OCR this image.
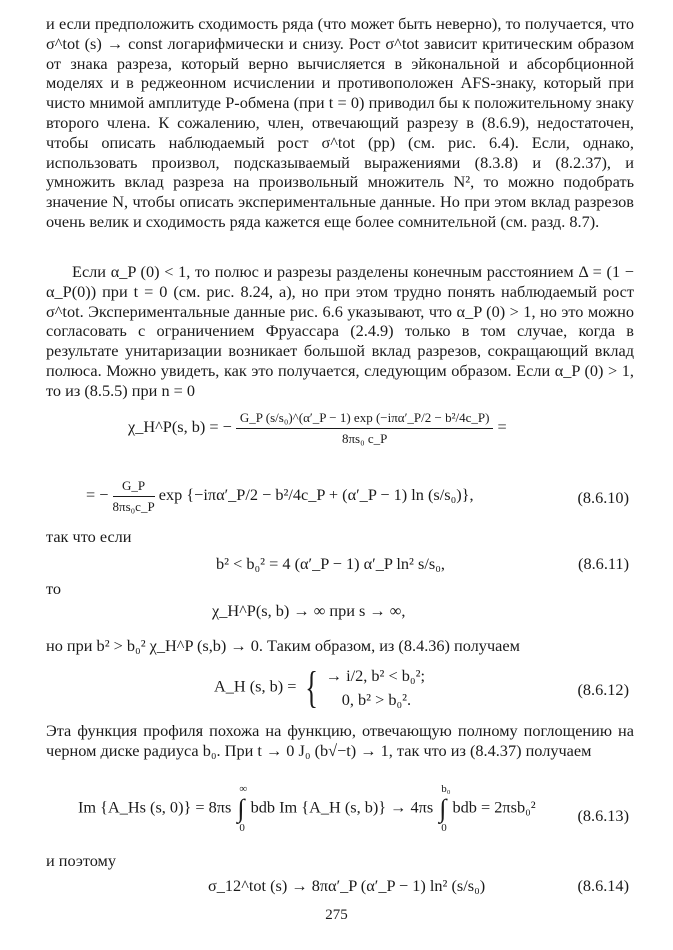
и если предположить сходимость ряда (что может быть неверно), то получается, что σ^tot (s) → const логарифмически и снизу. Рост σ^tot зависит критическим образом от знака разреза, который верно вычисляется в эйкональной и абсорбционной моделях и в реджеонном исчислении и противоположен AFS-знаку, который при чисто мнимой амплитуде P-обмена (при t = 0) приводил бы к положительному знаку второго члена. К сожалению, член, отвечающий разрезу в (8.6.9), недостаточен, чтобы описать наблюдаемый рост σ^tot (pp) (см. рис. 6.4). Если, однако, использовать произвол, подсказываемый выражениями (8.3.8) и (8.2.37), и умножить вклад разреза на произвольный множитель N², то можно подобрать значение N, чтобы описать экспериментальные данные. Но при этом вклад разрезов очень велик и сходимость ряда кажется еще более сомнительной (см. разд. 8.7).

Если α_P (0) < 1, то полюс и разрезы разделены конечным расстоянием Δ = (1 − α_P(0)) при t = 0 (см. рис. 8.24, а), но при этом трудно понять наблюдаемый рост σ^tot. Экспериментальные данные рис. 6.6 указывают, что α_P (0) > 1, но это можно согласовать с ограничением Фруассара (2.4.9) только в том случае, когда в результате унитаризации возникает большой вклад разрезов, сокращающий вклад полюса. Можно увидеть, как это получается, следующим образом. Если α_P (0) > 1, то из (8.5.5) при n = 0

χ_H^P(s, b) = − $\frac{\text{G\_P (s/s₀)\textasciicircum{}(α′\_P − 1) exp (−iπα′\_P/2 − b²/4c\_P)}}{\text{8πs₀ c\_P}}$ =
= − $\frac{G\_P}{\text{8πs₀c\_P}}$ exp {−iπα′_P/2 − b²/4c_P + (α′_P − 1) ln (s/s₀)},	(8.6.10)

так что если

b² < b₀² = 4 (α′_P − 1) α′_P ln² s/s₀,	(8.6.11)

то

χ_H^P(s, b) → ∞ при s → ∞,

но при b² > b₀² χ_H^P (s,b) → 0. Таким образом, из (8.4.36) получаем

A_H (s, b) = { → i/2, b² < b₀²;
0, b² > b₀².
(8.6.12)

Эта функция профиля похожа на функцию, отвечающую полному поглощению на черном диске радиуса b₀. При t → 0 J₀ (b√−t) → 1, так что из (8.4.37) получаем

Im {A_Hs (s, 0)} = 8πs ∫
∞
0
bdb Im {A_H (s, b)} → 4πs ∫
b₀
0
bdb = 2πsb₀²	(8.6.13)

и поэтому

σ_12^tot (s) → 8πα′_P (α′_P − 1) ln² (s/s₀)	(8.6.14)
275
